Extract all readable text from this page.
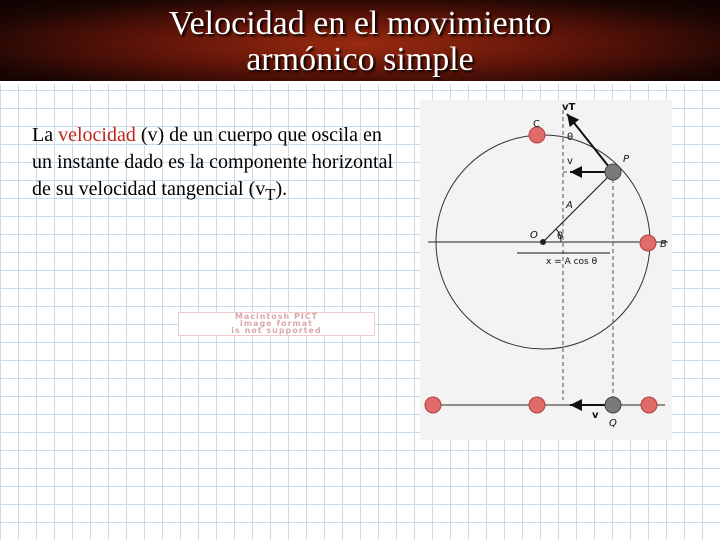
Velocidad en el movimiento
armónico simple
La velocidad (v) de un cuerpo que oscila en un instante dado es la componente horizontal de su velocidad tangencial $(v_T)$.
Macintosh PICT
image format
is not supported
vT
θ
C
P
v
A
O θ
B
x = A cos θ
v
Q
